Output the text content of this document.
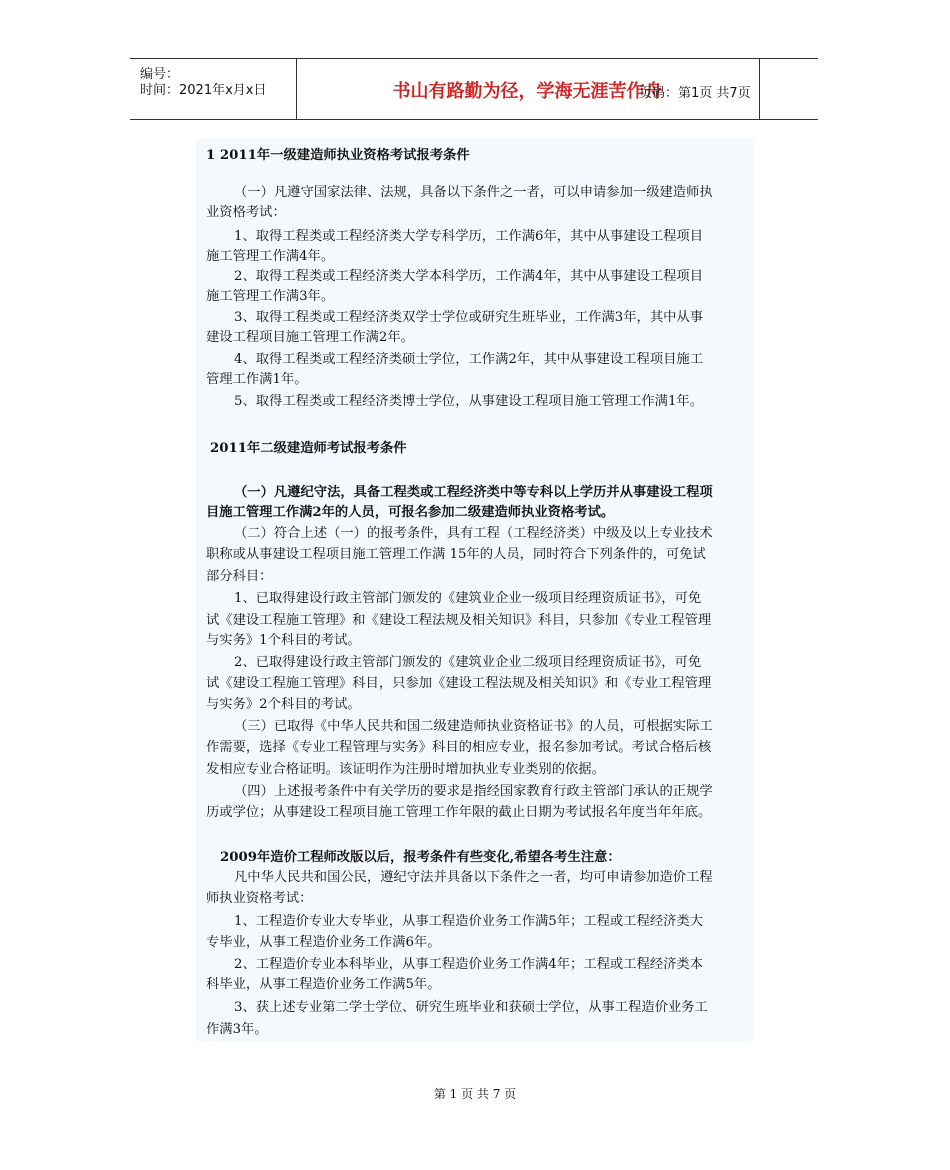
编号：
时间：2021年x月x日	书山有路勤为径，学海无涯苦作舟
页码：第1页 共7页
1 2011年一级建造师执业资格考试报考条件
（一）凡遵守国家法律、法规，具备以下条件之一者，可以申请参加一级建造师执
业资格考试：
1、取得工程类或工程经济类大学专科学历，工作满6年，其中从事建设工程项目
施工管理工作满4年。
2、取得工程类或工程经济类大学本科学历，工作满4年，其中从事建设工程项目
施工管理工作满3年。
3、取得工程类或工程经济类双学士学位或研究生班毕业，工作满3年，其中从事
建设工程项目施工管理工作满2年。
4、取得工程类或工程经济类硕士学位，工作满2年，其中从事建设工程项目施工
管理工作满1年。
5、取得工程类或工程经济类博士学位，从事建设工程项目施工管理工作满1年。
2011年二级建造师考试报考条件
（一）凡遵纪守法，具备工程类或工程经济类中等专科以上学历并从事建设工程项
目施工管理工作满2年的人员，可报名参加二级建造师执业资格考试。
（二）符合上述（一）的报考条件，具有工程（工程经济类）中级及以上专业技术
职称或从事建设工程项目施工管理工作满 15年的人员，同时符合下列条件的，可免试
部分科目：
1、已取得建设行政主管部门颁发的《建筑业企业一级项目经理资质证书》，可免
试《建设工程施工管理》和《建设工程法规及相关知识》科目，只参加《专业工程管理
与实务》1个科目的考试。
2、已取得建设行政主管部门颁发的《建筑业企业二级项目经理资质证书》，可免
试《建设工程施工管理》科目，只参加《建设工程法规及相关知识》和《专业工程管理
与实务》2个科目的考试。
（三）已取得《中华人民共和国二级建造师执业资格证书》的人员，可根据实际工
作需要，选择《专业工程管理与实务》科目的相应专业，报名参加考试。考试合格后核
发相应专业合格证明。该证明作为注册时增加执业专业类别的依据。
（四）上述报考条件中有关学历的要求是指经国家教育行政主管部门承认的正规学
历或学位；从事建设工程项目施工管理工作年限的截止日期为考试报名年度当年年底。
2009年造价工程师改版以后，报考条件有些变化,希望各考生注意：
凡中华人民共和国公民，遵纪守法并具备以下条件之一者，均可申请参加造价工程
师执业资格考试：
1、工程造价专业大专毕业，从事工程造价业务工作满5年；工程或工程经济类大
专毕业，从事工程造价业务工作满6年。
2、工程造价专业本科毕业，从事工程造价业务工作满4年；工程或工程经济类本
科毕业，从事工程造价业务工作满5年。
3、获上述专业第二学士学位、研究生班毕业和获硕士学位，从事工程造价业务工
作满3年。
第 1 页 共 7 页
